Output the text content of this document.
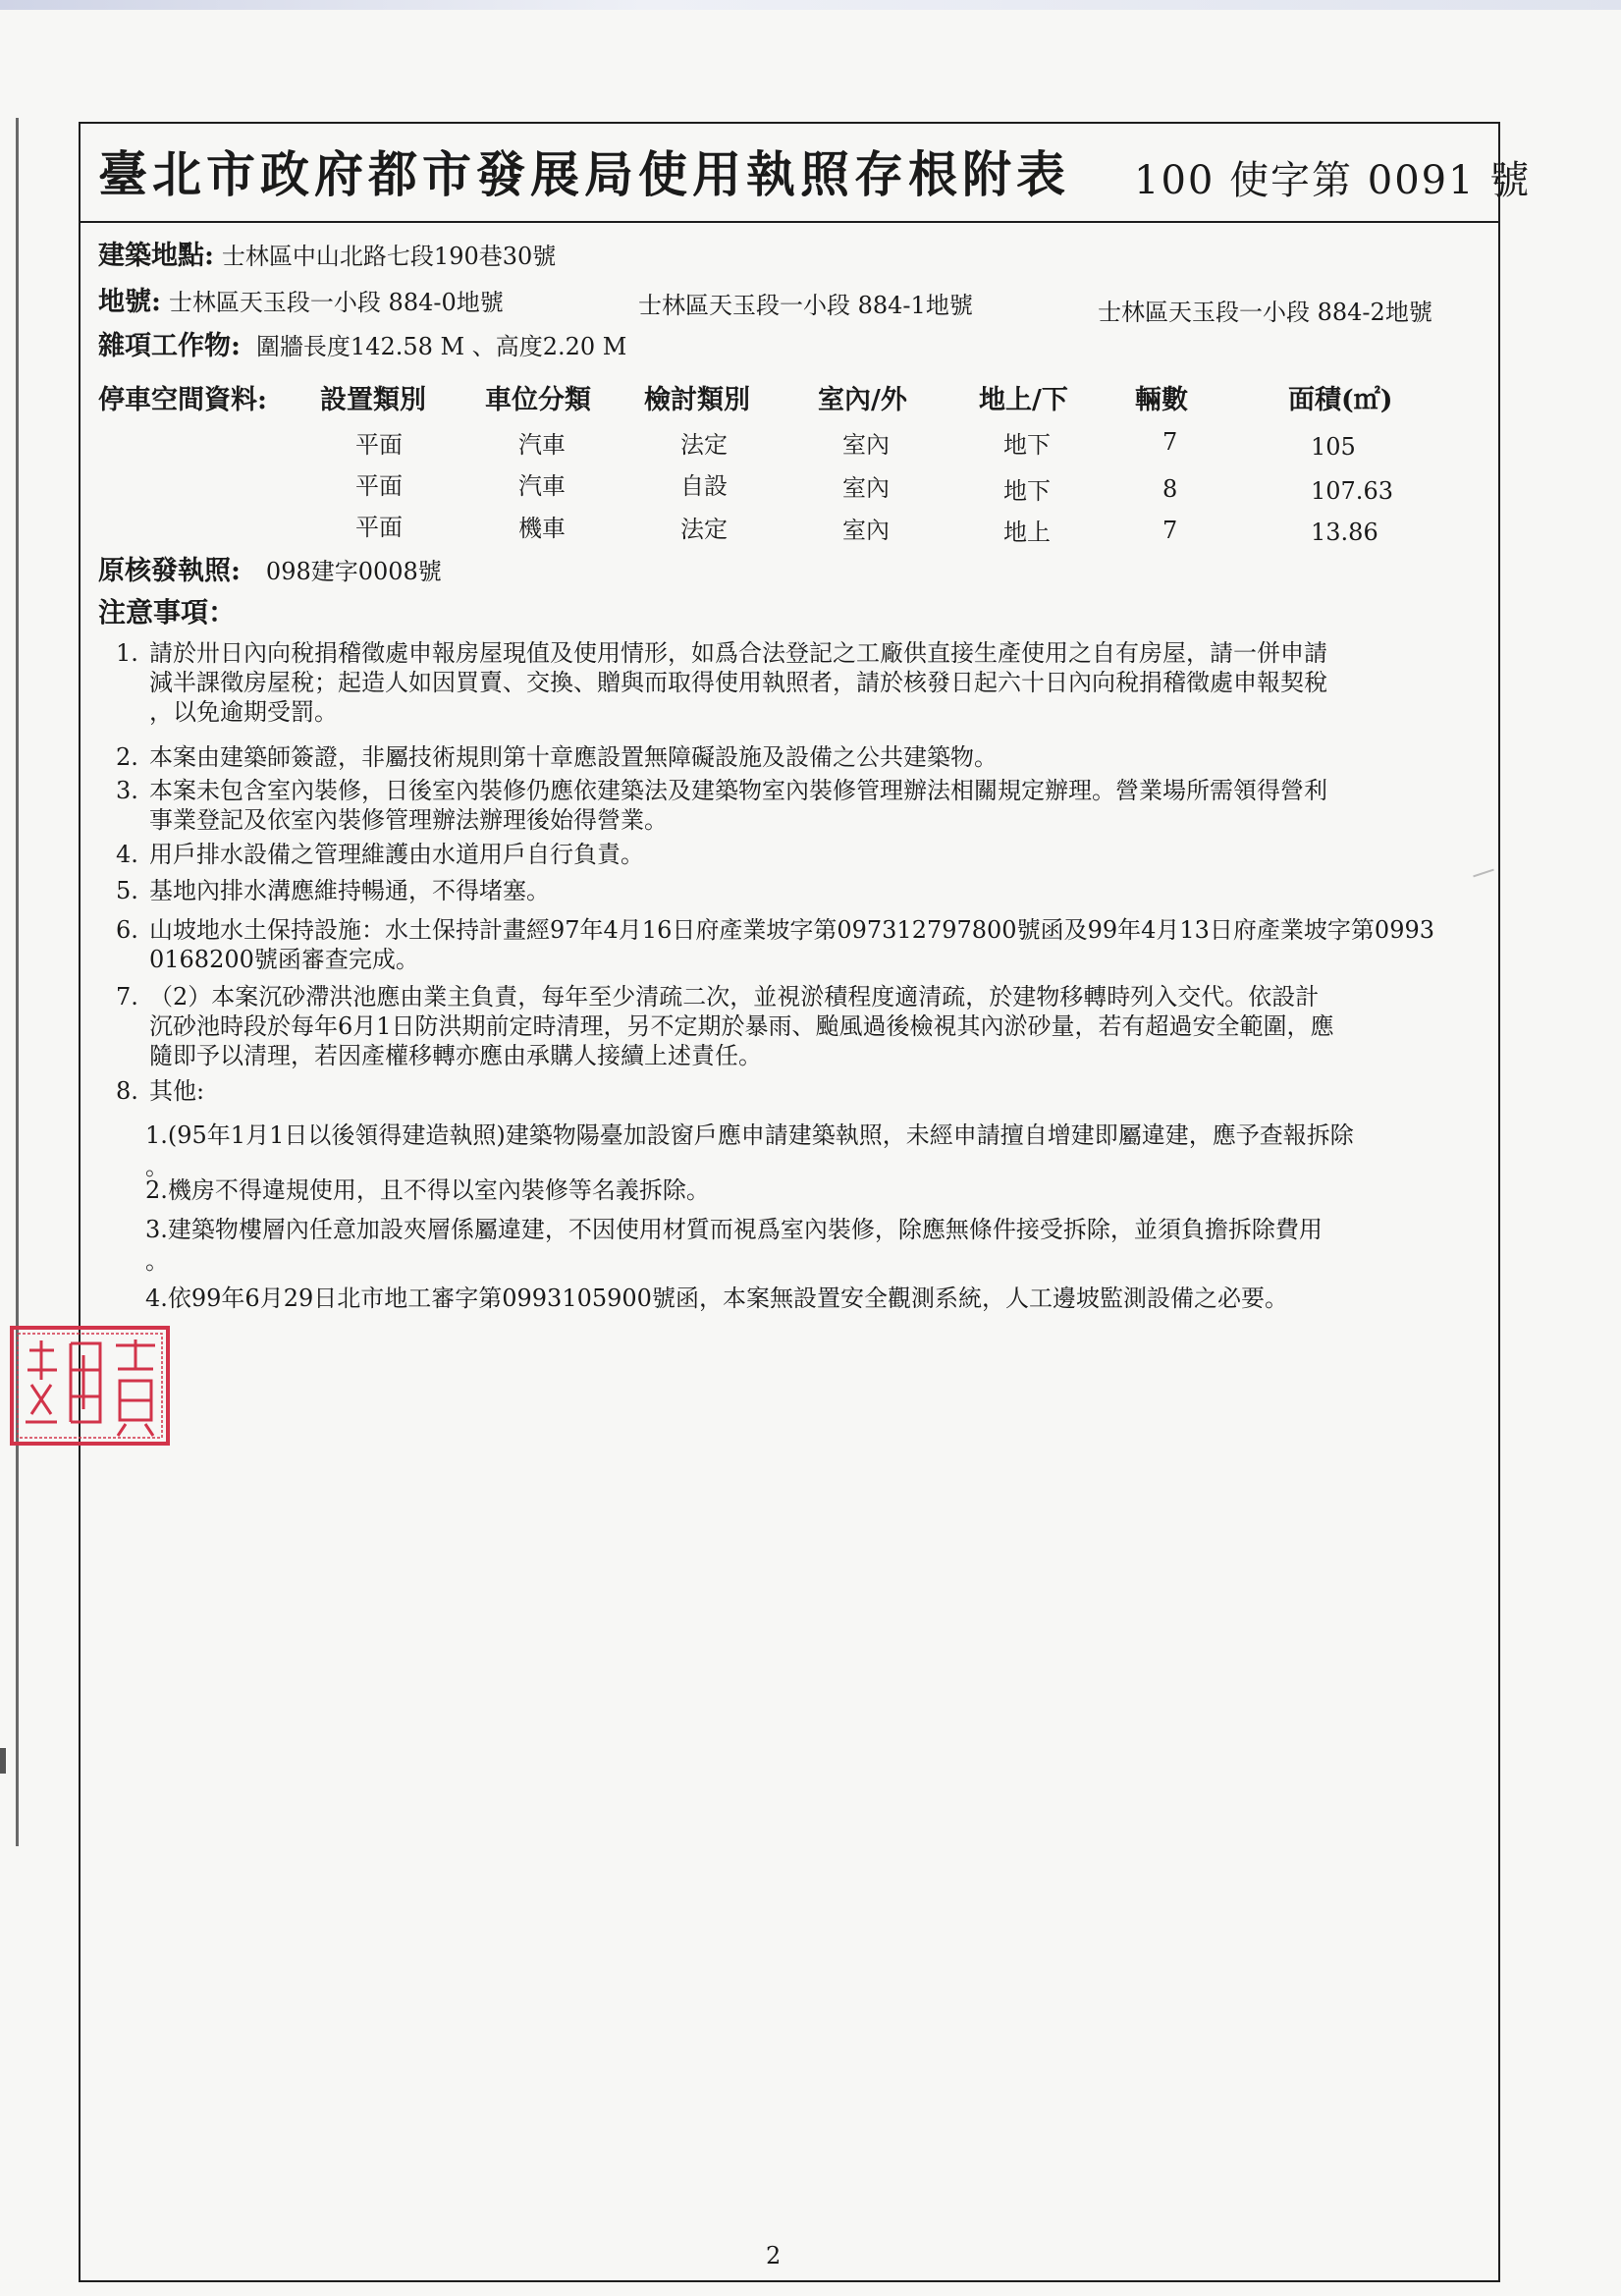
臺北市政府都市發展局使用執照存根附表 100 使字第 0091 號
建築地點: 士林區中山北路七段190巷30號
地號: 士林區天玉段一小段 884-0地號	士林區天玉段一小段 884-1地號	士林區天玉段一小段 884-2地號
雜項工作物: 圍牆長度142.58 M 、高度2.20 M
停車空間資料: 設置類別 車位分類 檢討類別	室內/外	地上/下	輛數	面積(㎡)
平面	汽車	法定	室內	地下	7	105
平面	汽車	自設	室內	地下	8	107.63
平面	機車	法定	室內	地上	7	13.86
原核發執照: 098建字0008號
注意事項：
1. 請於卅日內向稅捐稽徵處申報房屋現值及使用情形，如爲合法登記之工廠供直接生產使用之自有房屋，請一併申請
減半課徵房屋稅；起造人如因買賣、交換、贈與而取得使用執照者，請於核發日起六十日內向稅捐稽徵處申報契稅
，以免逾期受罰。
2. 本案由建築師簽證，非屬技術規則第十章應設置無障礙設施及設備之公共建築物。
3. 本案未包含室內裝修，日後室內裝修仍應依建築法及建築物室內裝修管理辦法相關規定辦理。營業場所需領得營利
事業登記及依室內裝修管理辦法辦理後始得營業。
4. 用戶排水設備之管理維護由水道用戶自行負責。
5. 基地內排水溝應維持暢通，不得堵塞。
6. 山坡地水土保持設施：水土保持計畫經97年4月16日府產業坡字第097312797800號函及99年4月13日府產業坡字第0993
0168200號函審查完成。
7. （2）本案沉砂滯洪池應由業主負責，每年至少清疏二次，並視淤積程度適清疏，於建物移轉時列入交代。依設計
沉砂池時段於每年6月1日防洪期前定時清理，另不定期於暴雨、颱風過後檢視其內淤砂量，若有超過安全範圍，應
隨即予以清理，若因產權移轉亦應由承購人接續上述責任。
8. 其他:
1.(95年1月1日以後領得建造執照)建築物陽臺加設窗戶應申請建築執照，未經申請擅自增建即屬違建，應予查報拆除
。
2.機房不得違規使用，且不得以室內裝修等名義拆除。
3.建築物樓層內任意加設夾層係屬違建，不因使用材質而視爲室內裝修，除應無條件接受拆除，並須負擔拆除費用
。
4.依99年6月29日北市地工審字第0993105900號函，本案無設置安全觀測系統，人工邊坡監測設備之必要。
2
